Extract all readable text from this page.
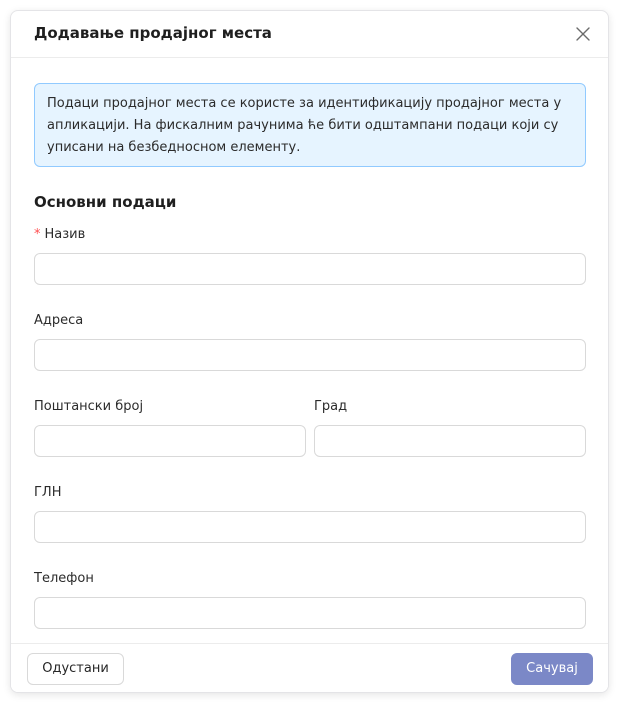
Додавање продајног места
Подаци продајног места се користе за идентификацију продајног места у апликацији. На фискалним рачунима ће бити одштампани подаци који су уписани на безбедносном елементу.
Основни подаци
* Назив
Адреса
Поштански број	Град
ГЛН
Телефон
Одустани	Сачувај
